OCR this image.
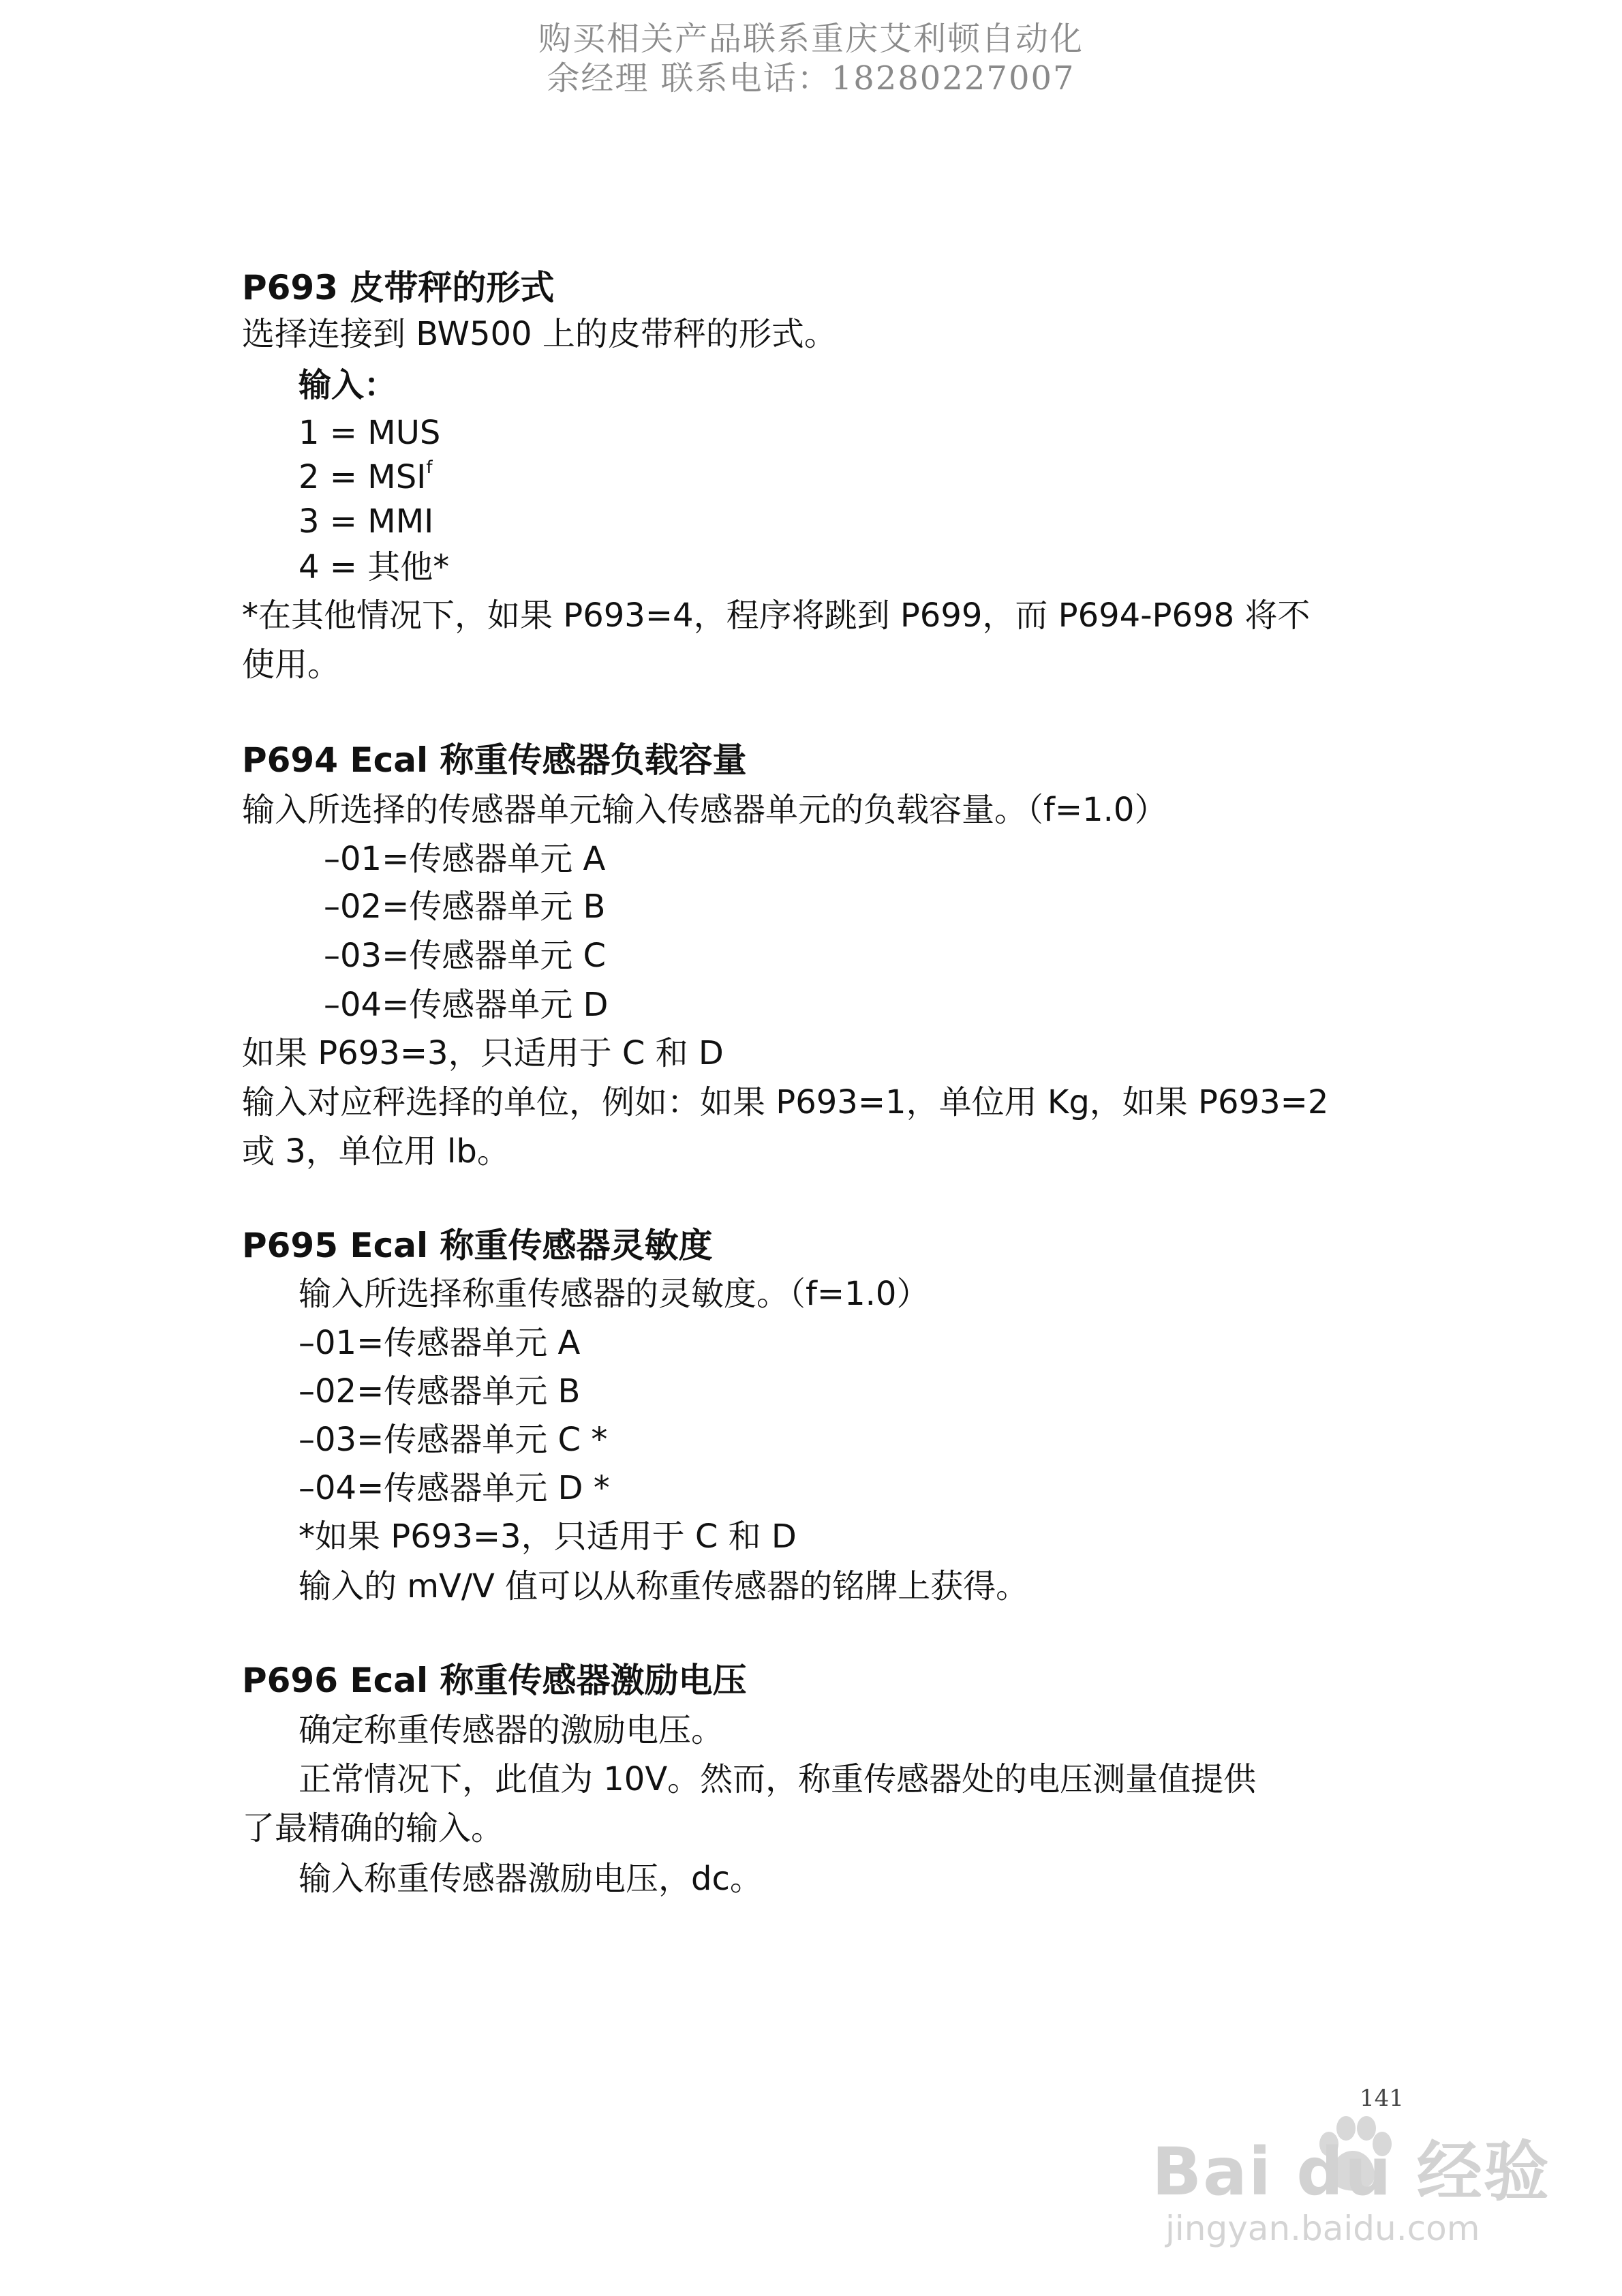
购买相关产品联系重庆艾利顿自动化
余经理 联系电话：18280227007
P693 皮带秤的形式
选择连接到 BW500 上的皮带秤的形式。
输入：
1 = MUS
$2 = MSI^f$
3 = MMI
4 = 其他*
*在其他情况下，如果 P693=4，程序将跳到 P699，而 P694-P698 将不
使用。
P694 Ecal 称重传感器负载容量
输入所选择的传感器单元输入传感器单元的负载容量。（f=1.0）
–01=传感器单元 A
–02=传感器单元 B
–03=传感器单元 C
–04=传感器单元 D
如果 P693=3，只适用于 C 和 D
输入对应秤选择的单位，例如：如果 P693=1，单位用 Kg，如果 P693=2
或 3，单位用 lb。
P695 Ecal 称重传感器灵敏度
输入所选择称重传感器的灵敏度。（f=1.0）
–01=传感器单元 A
–02=传感器单元 B
–03=传感器单元 C *
–04=传感器单元 D *
*如果 P693=3，只适用于 C 和 D
输入的 mV/V 值可以从称重传感器的铭牌上获得。
P696 Ecal 称重传感器激励电压
确定称重传感器的激励电压。
正常情况下，此值为 10V。然而，称重传感器处的电压测量值提供
了最精确的输入。
输入称重传感器激励电压，dc。
141
Bai du 经验
jingyan.baidu.com
